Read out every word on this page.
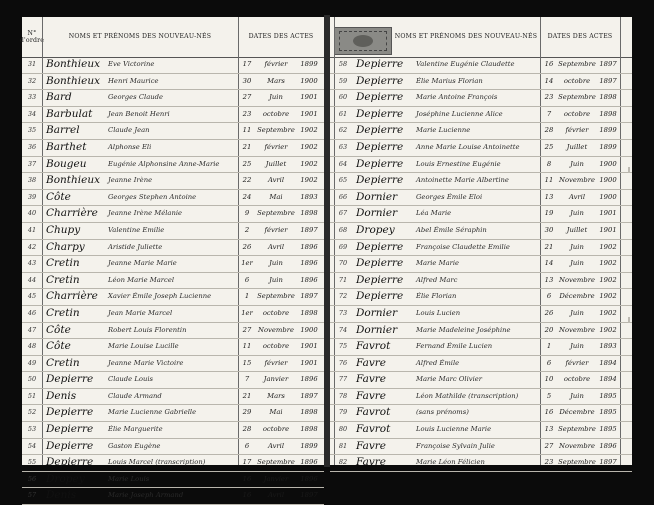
N° d'ordre
NOMS ET PRÉNOMS DES NOUVEAU-NÉS	DATES DES ACTES
31 Bonthieux	Eve Victorine	17	février	1899
32 Bonthieux	Henri Maurice	30	Mars	1900
33 Bard	Georges Claude	27	Juin	1901
34 Barbulat	Jean Benoit Henri	23	octobre	1901
35 Barrel	Claude Jean	11 Septembre 1902
36 Barthet	Alphonse Eli	21	février	1902
37 Bougeu	Eugénie Alphonsine Anne-Marie	25	Juillet	1902
38 Bonthieux	Jeanne Irène	22	Avril	1902
39 Côte	Georges Stephen Antoine	24	Mai	1893
40 Charrière	Jeanne Irène Mélanie	9	Septembre 1898
41 Chupy	Valentine Emilie	2	février	1897
42 Charpy	Aristide Juliette	26	Avril	1896
43 Cretin	Jeanne Marie Marie	1er	Juin	1896
44 Cretin	Léon Marie Marcel	6	Juin	1896
45 Charrière	Xavier Émile Joseph Lucienne	1	Septembre 1897
46 Cretin	Jean Marie Marcel	1er	octobre	1898
47 Côte	Robert Louis Florentin	27 Novembre 1900
48 Côte	Marie Louise Lucille	11	octobre	1901
49 Cretin	Jeanne Marie Victoire	15	février	1901
50 Depierre	Claude Louis	7	Janvier	1896
51 Denis	Claude Armand	21	Mars	1897
52 Depierre	Marie Lucienne Gabrielle	29	Mai	1898
53 Depierre	Élie Marguerite	28	octobre	1898
54 Depierre	Gaston Eugène	6	Avril	1899
55 Depierre	Louis Marcel (transcription)	17 Septembre 1896
56 Dropey	Marie Louis	16	Janvier	1896
57 Denis	Marie Joseph Armand	16	Avril	1897
NOMS ET PRÉNOMS DES NOUVEAU-NÉS	DATES DES ACTES
58 Depierre	Valentine Eugénie Claudette	16 Septembre 1897
59 Depierre	Élie Marius Florian	14	octobre	1897
60 Depierre	Marie Antoine François	23 Septembre 1898
61 Depierre	Joséphine Lucienne Alice	7	octobre	1898
62 Depierre	Marie Lucienne	28	février	1899
63 Depierre	Anne Marie Louise Antoinette	25	Juillet	1899
64 Depierre	Louis Ernestine Eugénie	8	Juin	1900
65 Depierre	Antoinette Marie Albertine	11 Novembre 1900
66 Dornier	Georges Émile Eloi	13	Avril	1900
67 Dornier	Léa Marie	19	Juin	1901
68 Dropey	Abel Émile Séraphin	30	Juillet	1901
69 Depierre	Françoise Claudette Emilie	21	Juin	1902
70 Depierre	Marie Marie	14	Juin	1902
71 Depierre	Alfred Marc	13 Novembre 1902
72 Depierre	Élie Florian	6	Décembre 1902
73 Dornier	Louis Lucien	26	Juin	1902
74 Dornier	Marie Madeleine Joséphine	20 Novembre 1902
75 Favrot	Fernand Émile Lucien	1	Juin	1893
76 Favre	Alfred Émile	6	février	1894
77 Favre	Marie Marc Olivier	10	octobre	1894
78 Favre	Léon Mathilde (transcription)	5	Juin	1895
79 Favrot	(sans prénoms)	16 Décembre 1895
80 Favrot	Louis Lucienne Marie	13 Septembre 1895
81 Favre	Françoise Sylvain Julie	27 Novembre 1896
82 Favre	Marie Léon Félicien	23 Septembre 1897
